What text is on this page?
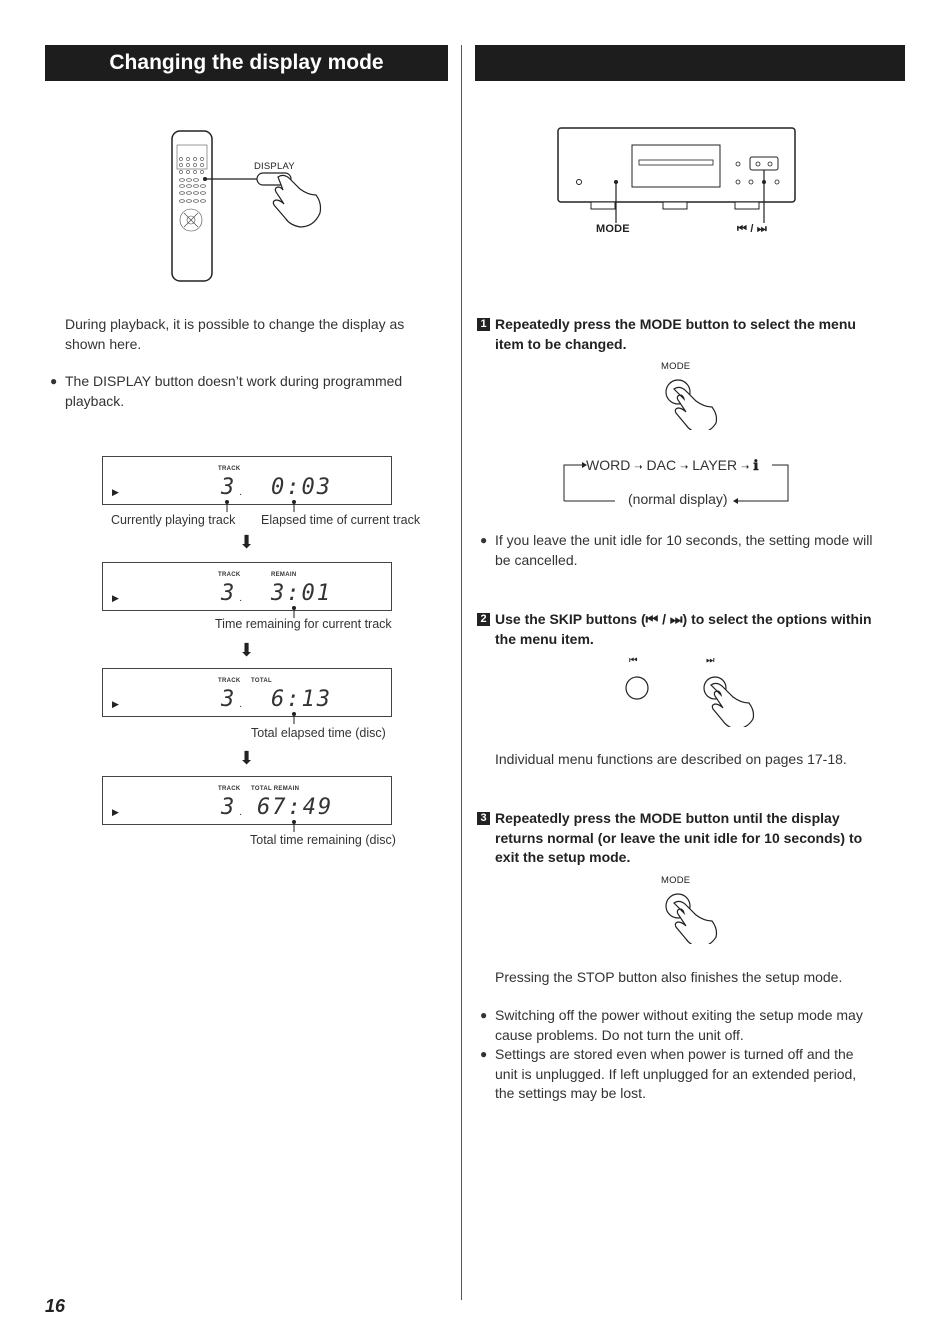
Changing the display mode
DISPLAY
During playback, it is possible to change the display as shown here.
● The DISPLAY button doesn’t work during programmed playback.
TRACK
▶	3 · 0:03
Currently playing track Elapsed time of current track
⬇
TRACK	REMAIN
▶	3 · 3:01
Time remaining for current track
⬇
TRACK TOTAL
▶	3 · 6:13
Total elapsed time (disc)
⬇
TRACK TOTAL REMAIN
▶	3 · 67:49
Total time remaining (disc)
MODE	⏮ / ⏭
1 Repeatedly press the MODE button to select the menu item to be changed.
MODE
WORD ➝ DAC ➝ LAYER ➝ ℹ
(normal display)
● If you leave the unit idle for 10 seconds, the setting mode will be cancelled.
2 Use the SKIP buttons (⏮ / ⏭) to select the options within the menu item.
⏮	⏭
Individual menu functions are described on pages 17-18.
3 Repeatedly press the MODE button until the display returns normal (or leave the unit idle for 10 seconds) to exit the setup mode.
MODE
Pressing the STOP button also finishes the setup mode.
● Switching off the power without exiting the setup mode may cause problems. Do not turn the unit off.
● Settings are stored even when power is turned off and the unit is unplugged. If left unplugged for an extended period, the settings may be lost.
16
